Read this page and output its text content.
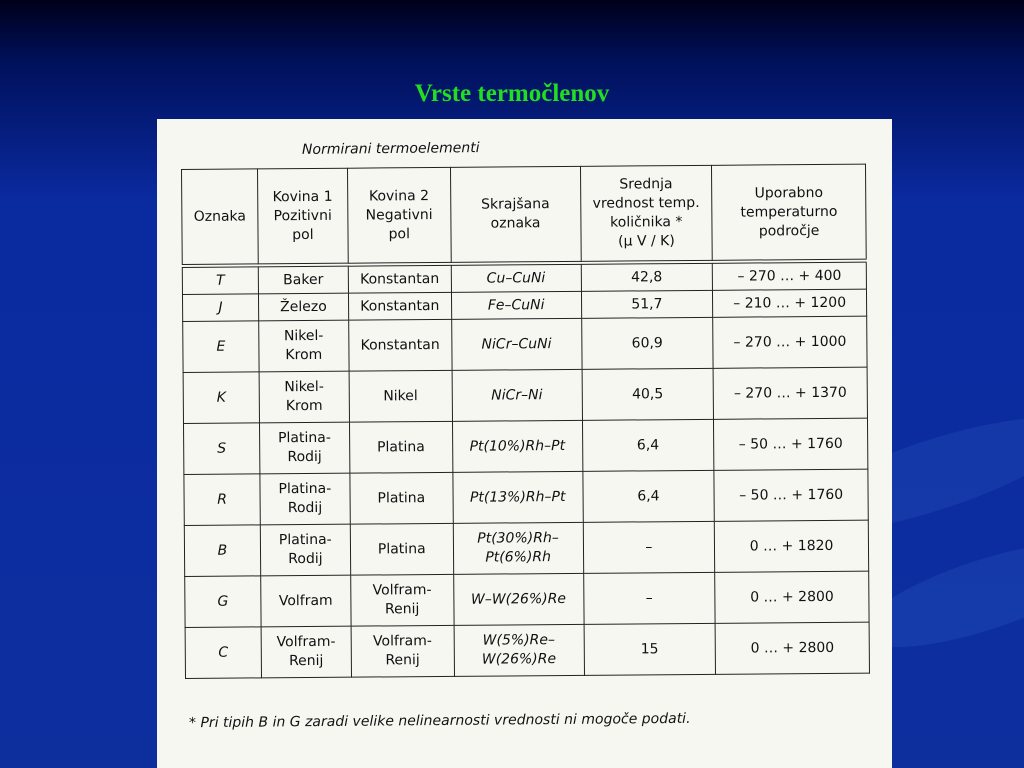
Vrste termočlenov
Normirani termoelementi
Oznaka	Kovina 1
Pozitivni
pol	Kovina 2
Negativni
pol	Skrajšana
oznaka	Srednja
vrednost temp.
količnika *
(μ V / K)	Uporabno
temperaturno
področje
T	Baker	Konstantan	Cu–CuNi	42,8	– 270 … + 400
J	Železo	Konstantan	Fe–CuNi	51,7	– 210 … + 1200
E	Nikel-
Krom	Konstantan	NiCr–CuNi	60,9	– 270 … + 1000
K	Nikel-
Krom	Nikel	NiCr–Ni	40,5	– 270 … + 1370
S	Platina-
Rodij	Platina	Pt(10%)Rh–Pt	6,4	– 50 … + 1760
R	Platina-
Rodij	Platina	Pt(13%)Rh–Pt	6,4	– 50 … + 1760
B	Platina-
Rodij	Platina	Pt(30%)Rh–
Pt(6%)Rh	–	0 … + 1820
G	Volfram	Volfram-
Renij	W–W(26%)Re	–	0 … + 2800
C	Volfram-
Renij	Volfram-
Renij	W(5%)Re–
W(26%)Re	15	0 … + 2800
* Pri tipih B in G zaradi velike nelinearnosti vrednosti ni mogoče podati.
